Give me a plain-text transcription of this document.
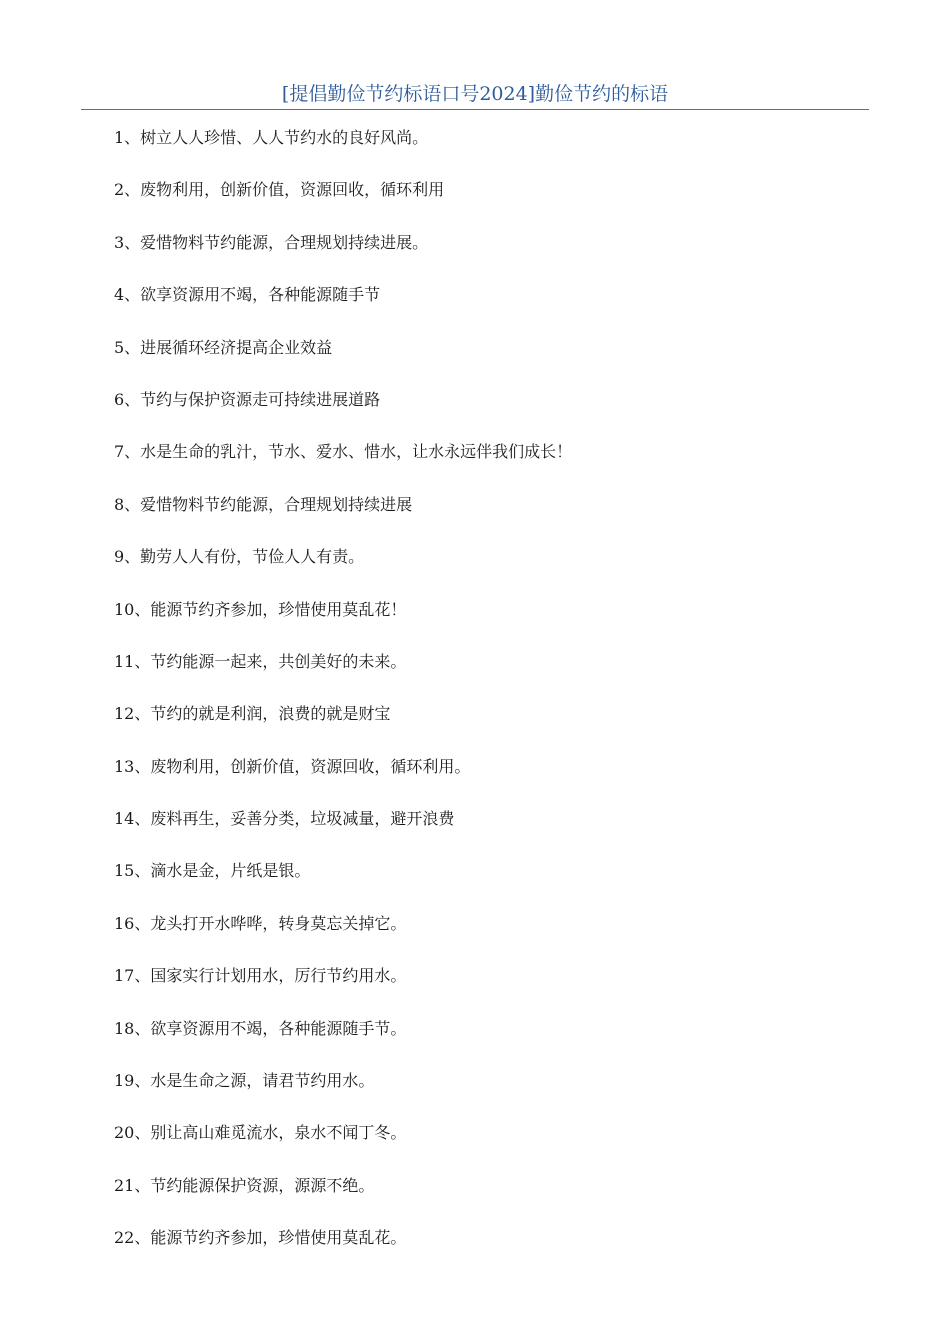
[提倡勤俭节约标语口号2024]勤俭节约的标语
1、树立人人珍惜、人人节约水的良好风尚。
2、废物利用，创新价值，资源回收，循环利用
3、爱惜物料节约能源，合理规划持续进展。
4、欲享资源用不竭，各种能源随手节
5、进展循环经济提高企业效益
6、节约与保护资源走可持续进展道路
7、水是生命的乳汁，节水、爱水、惜水，让水永远伴我们成长！
8、爱惜物料节约能源，合理规划持续进展
9、勤劳人人有份，节俭人人有责。
10、能源节约齐参加，珍惜使用莫乱花！
11、节约能源一起来，共创美好的未来。
12、节约的就是利润，浪费的就是财宝
13、废物利用，创新价值，资源回收，循环利用。
14、废料再生，妥善分类，垃圾减量，避开浪费
15、滴水是金，片纸是银。
16、龙头打开水哗哗，转身莫忘关掉它。
17、国家实行计划用水，厉行节约用水。
18、欲享资源用不竭，各种能源随手节。
19、水是生命之源，请君节约用水。
20、别让高山难觅流水，泉水不闻丁冬。
21、节约能源保护资源，源源不绝。
22、能源节约齐参加，珍惜使用莫乱花。
